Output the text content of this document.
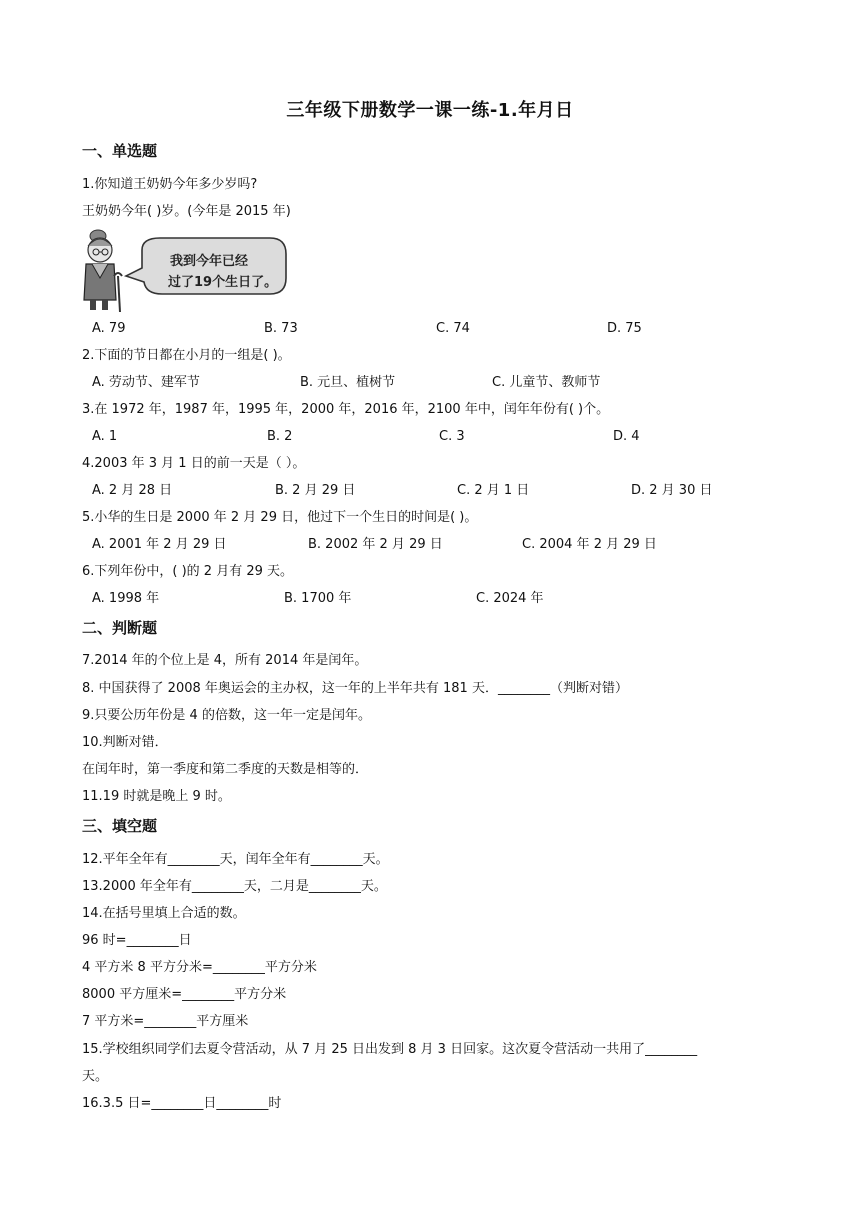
三年级下册数学一课一练-1.年月日
一、单选题
1.你知道王奶奶今年多少岁吗?
王奶奶今年( )岁。(今年是 2015 年)
我到今年已经
过了19个生日了。
A. 79	B. 73	C. 74	D. 75
2.下面的节日都在小月的一组是( )。
A. 劳动节、建军节	B. 元旦、植树节	C. 儿童节、教师节
3.在 1972 年，1987 年，1995 年，2000 年，2016 年，2100 年中，闰年年份有( )个。
A. 1	B. 2	C. 3	D. 4
4.2003 年 3 月 1 日的前一天是（ ）。
A. 2 月 28 日	B. 2 月 29 日	C. 2 月 1 日	D. 2 月 30 日
5.小华的生日是 2000 年 2 月 29 日，他过下一个生日的时间是( )。
A. 2001 年 2 月 29 日	B. 2002 年 2 月 29 日	C. 2004 年 2 月 29 日
6.下列年份中，( )的 2 月有 29 天。
A. 1998 年	B. 1700 年	C. 2024 年
二、判断题
7.2014 年的个位上是 4，所有 2014 年是闰年。
8. 中国获得了 2008 年奥运会的主办权，这一年的上半年共有 181 天．________（判断对错）
9.只要公历年份是 4 的倍数，这一年一定是闰年。
10.判断对错．
在闰年时，第一季度和第二季度的天数是相等的．
11.19 时就是晚上 9 时。
三、填空题
12.平年全年有________天，闰年全年有________天。
13.2000 年全年有________天，二月是________天。
14.在括号里填上合适的数。
96 时=________日
4 平方米 8 平方分米=________平方分米
8000 平方厘米=________平方分米
7 平方米=________平方厘米
15.学校组织同学们去夏令营活动，从 7 月 25 日出发到 8 月 3 日回家。这次夏令营活动一共用了________
天。
16.3.5 日=________日________时
